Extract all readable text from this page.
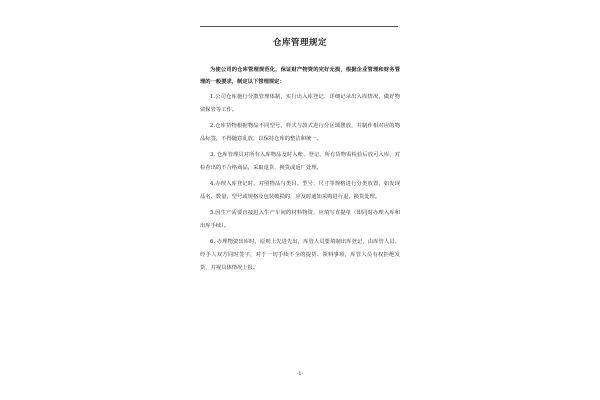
仓库管理规定

为使公司的仓库管理规范化，保证财产物资的完好无损，根据企业管理和财务管理的一般要求，制定以下管理规定：

1.公司仓库施行分散管理体制，实行出入库登记，详细记录出入库情况，做好物资保管等工作。

2.仓库货物根据物品不同型号、样式与款式进行分区域摆放，并制作相对应的物品标签，不得随意乱放，以保持仓库的整洁和统一。

3. 仓库管理员对所有入库物品及时入账、登记，所有货物需检验后放可入库，对检查出的不合格商品，采取退货、换货或返厂处理。

4.办理入库登记时，对照物品与类目、型号、尺寸等规格进行分类放置，如发现品名、数量、型号或规格及包装破损的，应及时通知采购进行退、换货处理。

5.因生产需要直接进入生产车间的材料物资，应填写直提单（即同时办理入库和出库手续）。

6. 办理物资出库时，原则上先进先出，库管人员要填制出库登记，由库管人员、经手人双方同时签字，对于一切手续不全的提货、领料事项，库管人员有权拒绝发货，并视具体情况上报。

-1-
